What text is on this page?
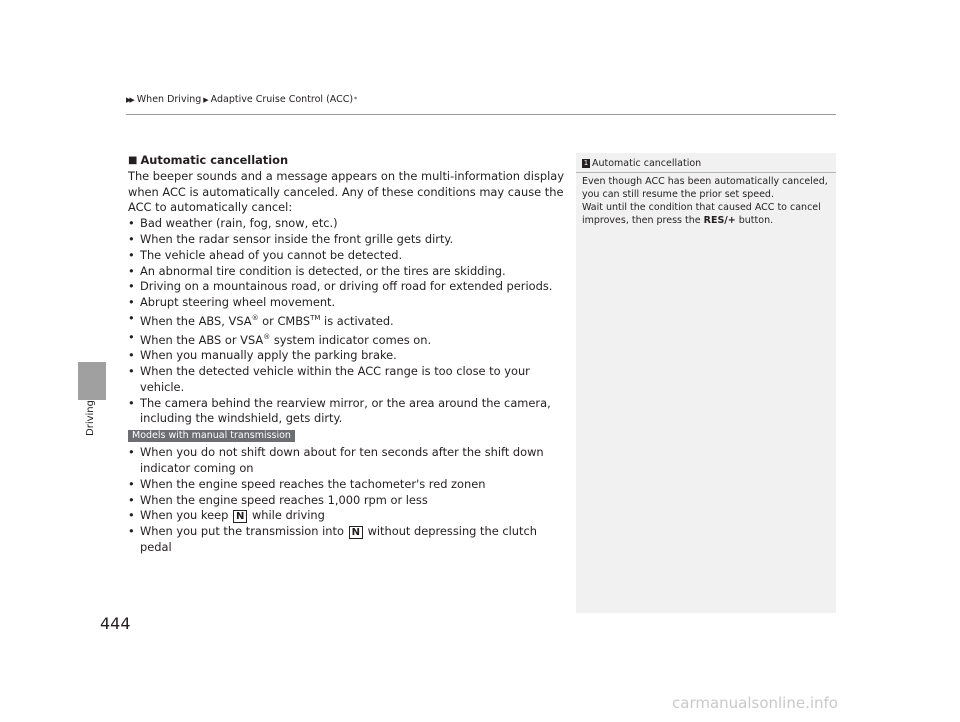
▶▶ When Driving ▶ Adaptive Cruise Control (ACC) *
Driving
444
■ Automatic cancellation

The beeper sounds and a message appears on the multi-information display when ACC is automatically canceled. Any of these conditions may cause the ACC to automatically cancel:

• Bad weather (rain, fog, snow, etc.)
• When the radar sensor inside the front grille gets dirty.
• The vehicle ahead of you cannot be detected.
• An abnormal tire condition is detected, or the tires are skidding.
• Driving on a mountainous road, or driving off road for extended periods.
• Abrupt steering wheel movement.
• When the ABS, VSA® or CMBS™ is activated.
• When the ABS or VSA® system indicator comes on.
• When you manually apply the parking brake.
• When the detected vehicle within the ACC range is too close to your vehicle.
• The camera behind the rearview mirror, or the area around the camera, including the windshield, gets dirty.
Models with manual transmission
• When you do not shift down about for ten seconds after the shift down indicator coming on
• When the engine speed reaches the tachometer's red zonen
• When the engine speed reaches 1,000 rpm or less
• When you keep N while driving
• When you put the transmission into N without depressing the clutch pedal
1 Automatic cancellation
Even though ACC has been automatically canceled, you can still resume the prior set speed.
Wait until the condition that caused ACC to cancel improves, then press the RES/+ button.
carmanualsonline.info
